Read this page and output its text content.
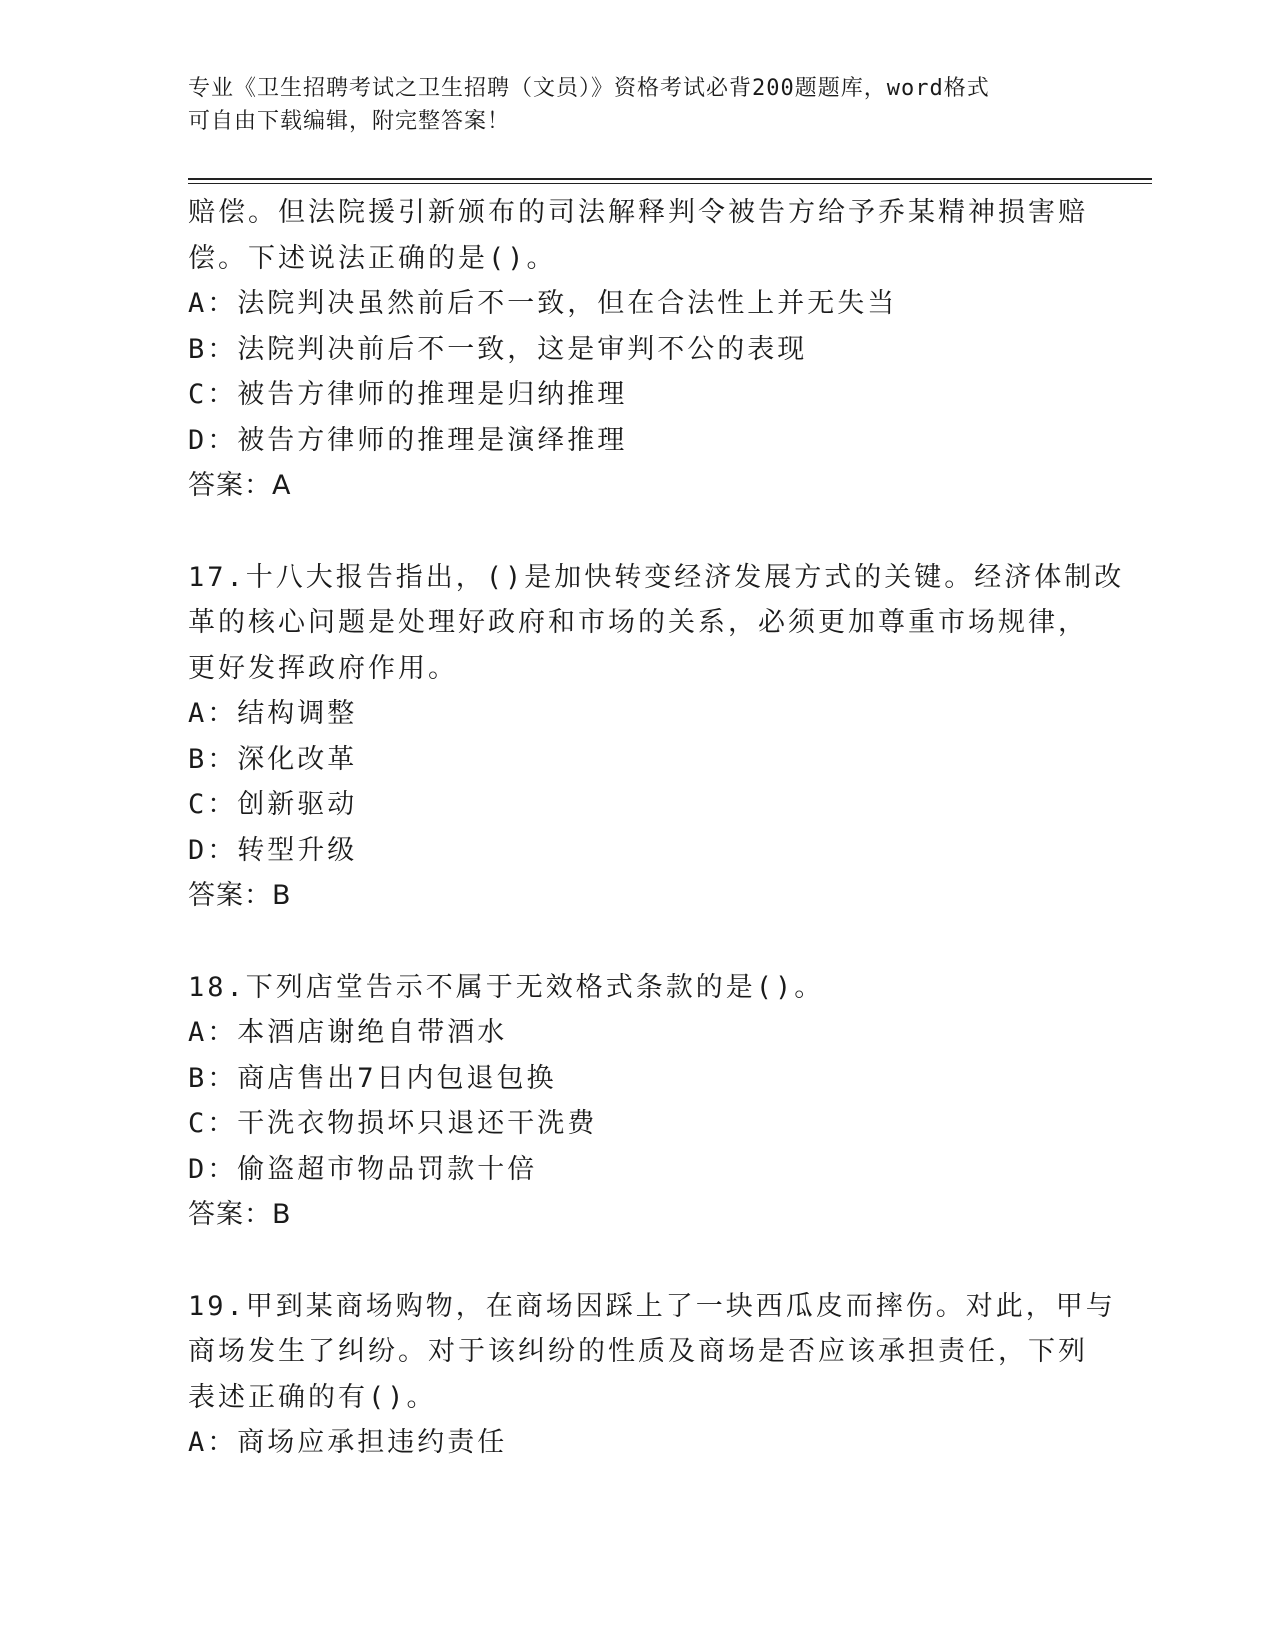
专业《卫生招聘考试之卫生招聘（文员）》资格考试必背200题题库，word格式
可自由下载编辑，附完整答案！
赔偿。但法院援引新颁布的司法解释判令被告方给予乔某精神损害赔
偿。下述说法正确的是()。
A：法院判决虽然前后不一致，但在合法性上并无失当
B：法院判决前后不一致，这是审判不公的表现
C：被告方律师的推理是归纳推理
D：被告方律师的推理是演绎推理
答案：A
17.十八大报告指出，()是加快转变经济发展方式的关键。经济体制改
革的核心问题是处理好政府和市场的关系，必须更加尊重市场规律，
更好发挥政府作用。
A：结构调整
B：深化改革
C：创新驱动
D：转型升级
答案：B
18.下列店堂告示不属于无效格式条款的是()。
A：本酒店谢绝自带酒水
B：商店售出7日内包退包换
C：干洗衣物损坏只退还干洗费
D：偷盗超市物品罚款十倍
答案：B
19.甲到某商场购物，在商场因踩上了一块西瓜皮而摔伤。对此，甲与
商场发生了纠纷。对于该纠纷的性质及商场是否应该承担责任，下列
表述正确的有()。
A：商场应承担违约责任
